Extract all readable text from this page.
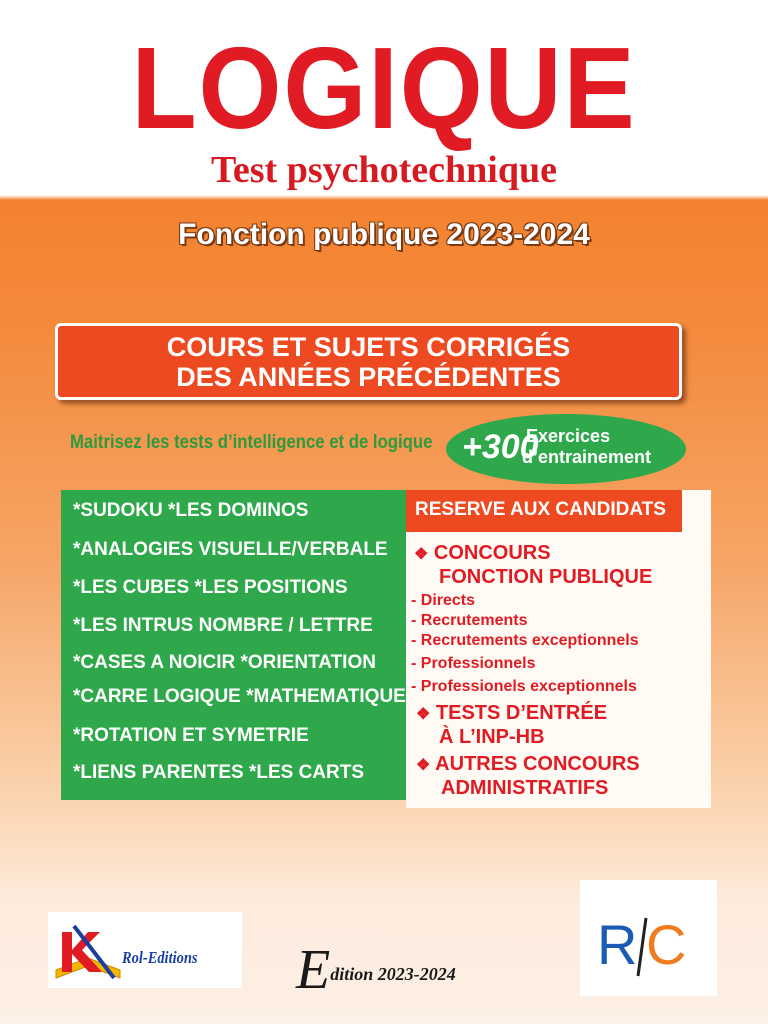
LOGIQUE
Test psychotechnique
Fonction publique 2023-2024
COURS ET SUJETS CORRIGÉS
DES ANNÉES PRÉCÉDENTES
Maitrisez les tests d’intelligence et de logique +300
Exercices
d’entrainement
*SUDOKU *LES DOMINOS
*ANALOGIES VISUELLE/VERBALE
*LES CUBES *LES POSITIONS
*LES INTRUS NOMBRE / LETTRE
*CASES A NOICIR *ORIENTATION
*CARRE LOGIQUE *MATHEMATIQUE
*ROTATION ET SYMETRIE
*LIENS PARENTES *LES CARTS
RESERVE AUX CANDIDATS
❖ CONCOURS
FONCTION PUBLIQUE
- Directs
- Recrutements
- Recrutements exceptionnels
- Professionnels
- Professionels exceptionnels
❖ TESTS D’ENTRÉE
À L’INP-HB
❖ AUTRES CONCOURS
ADMINISTRATIFS
Rol-Editions Edition 2023-2024	R C
